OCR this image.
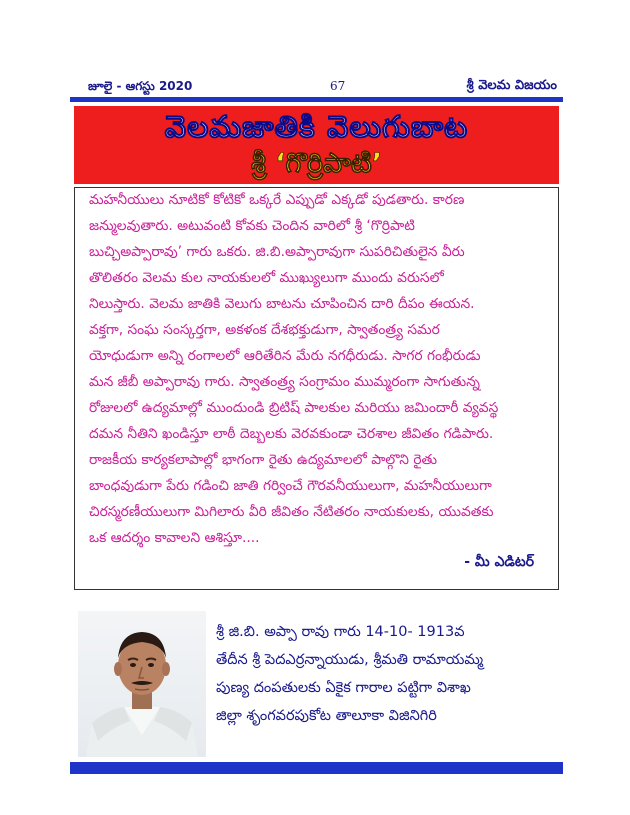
జూలై - ఆగస్టు 2020	67	శ్రీ వెలమ విజయం
వెలమజాతికి వెలుగుబాట
శ్రీ ‘గొర్రిపాటి’
మహనీయులు నూటికో కోటికో ఒక్కరే ఎప్పుడో ఎక్కడో పుడతారు. కారణ
జన్ములవుతారు. అటువంటి కోవకు చెందిన వారిలో శ్రీ ‘గొర్రిపాటి
బుచ్చిఅప్పారావు’ గారు ఒకరు. జి.బి.అప్పారావుగా సుపరిచితులైన వీరు
తొలితరం వెలమ కుల నాయకులలో ముఖ్యులుగా ముందు వరుసలో
నిలుస్తారు. వెలమ జాతికి వెలుగు బాటను చూపించిన దారి దీపం ఈయన.
వక్తగా, సంఘ సంస్కర్తగా, అకళంక దేశభక్తుడుగా, స్వాతంత్ర్య సమర
యోధుడుగా అన్ని రంగాలలో ఆరితేరిన మేరు నగధీరుడు. సాగర గంభీరుడు
మన జీబీ అప్పారావు గారు. స్వాతంత్ర్య సంగ్రామం ముమ్మరంగా సాగుతున్న
రోజులలో ఉద్యమాల్లో ముందుండి బ్రిటిష్ పాలకుల మరియు జమిందారీ వ్యవస్థ
దమన నీతిని ఖండిస్తూ లాఠీ దెబ్బలకు వెరవకుండా చెరశాల జీవితం గడిపారు.
రాజకీయ కార్యకలాపాల్లో భాగంగా రైతు ఉద్యమాలలో పాల్గొని రైతు
బాంధవుడుగా పేరు గడించి జాతి గర్వించే గౌరవనీయులుగా, మహనీయులుగా
చిరస్మరణీయులుగా మిగిలారు వీరి జీవితం నేటితరం నాయకులకు, యువతకు
ఒక ఆదర్శం కావాలని ఆశిస్తూ....
- మీ ఎడిటర్
శ్రీ జి.బి. అప్పా రావు గారు 14-10- 1913వ
తేదీన శ్రీ పెదఎర్రన్నాయుడు, శ్రీమతి రామాయమ్మ
పుణ్య దంపతులకు ఏకైక గారాల పట్టిగా విశాఖ
జిల్లా శృంగవరపుకోట తాలూకా విజినిగిరి
